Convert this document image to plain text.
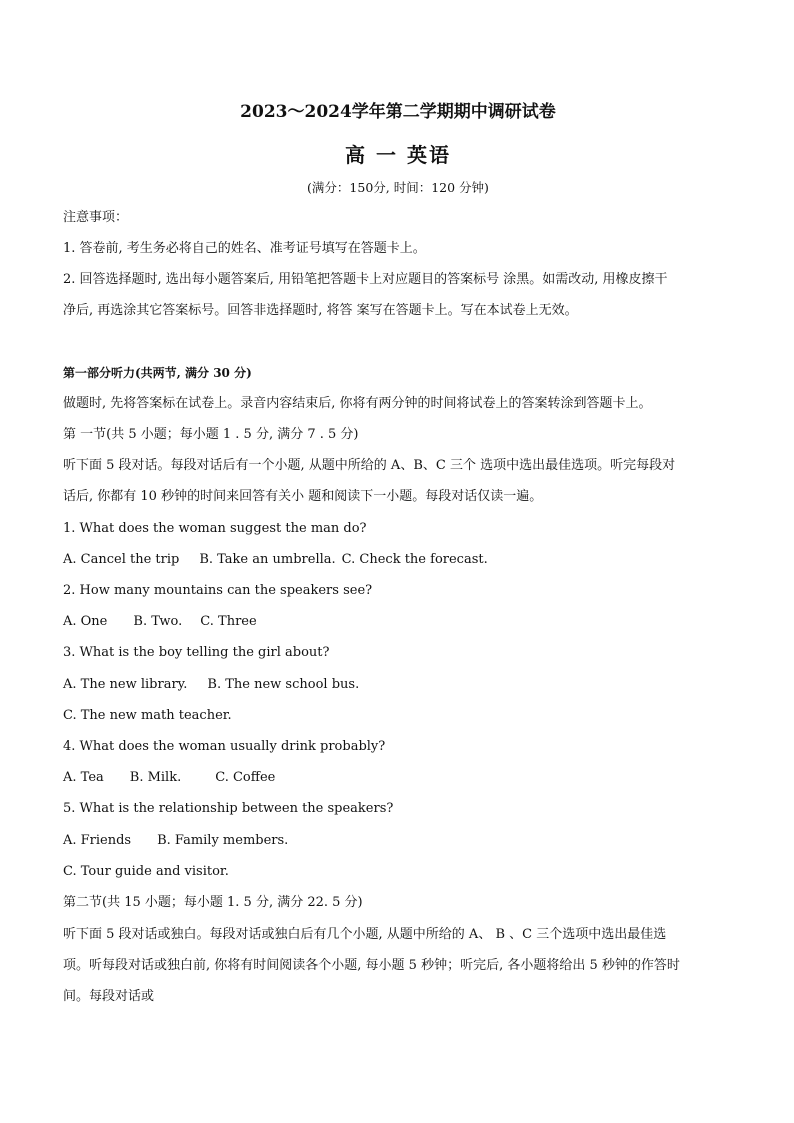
2023～2024学年第二学期期中调研试卷
高 一 英语
(满分：150分, 时间：120 分钟)
注意事项：
1. 答卷前, 考生务必将自己的姓名、准考证号填写在答题卡上。
2. 回答选择题时, 选出每小题答案后, 用铅笔把答题卡上对应题目的答案标号 涂黑。如需改动, 用橡皮擦干
净后, 再选涂其它答案标号。回答非选择题时, 将答 案写在答题卡上。写在本试卷上无效。
第一部分听力(共两节, 满分 30 分)
做题时, 先将答案标在试卷上。录音内容结束后, 你将有两分钟的时间将试卷上的答案转涂到答题卡上。
第 一节(共 5 小题；每小题 1 . 5 分, 满分 7 . 5 分)
听下面 5 段对话。每段对话后有一个小题, 从题中所给的 A、B、C 三个 选项中选出最佳选项。听完每段对
话后, 你都有 10 秒钟的时间来回答有关小 题和阅读下一小题。每段对话仅读一遍。
1. What does the woman suggest the man do?
A. Cancel the trip B. Take an umbrella. C. Check the forecast.
2. How many mountains can the speakers see?
A. One B. Two. C. Three
3. What is the boy telling the girl about?
A. The new library. B. The new school bus.
C. The new math teacher.
4. What does the woman usually drink probably?
A. Tea B. Milk.	C. Coffee
5. What is the relationship between the speakers?
A. Friends B. Family members.
C. Tour guide and visitor.
第二节(共 15 小题；每小题 1. 5 分, 满分 22. 5 分)
听下面 5 段对话或独白。每段对话或独白后有几个小题, 从题中所给的 A、 B 、C 三个选项中选出最佳选
项。听每段对话或独白前, 你将有时间阅读各个小题, 每小题 5 秒钟；听完后, 各小题将给出 5 秒钟的作答时
间。每段对话或
